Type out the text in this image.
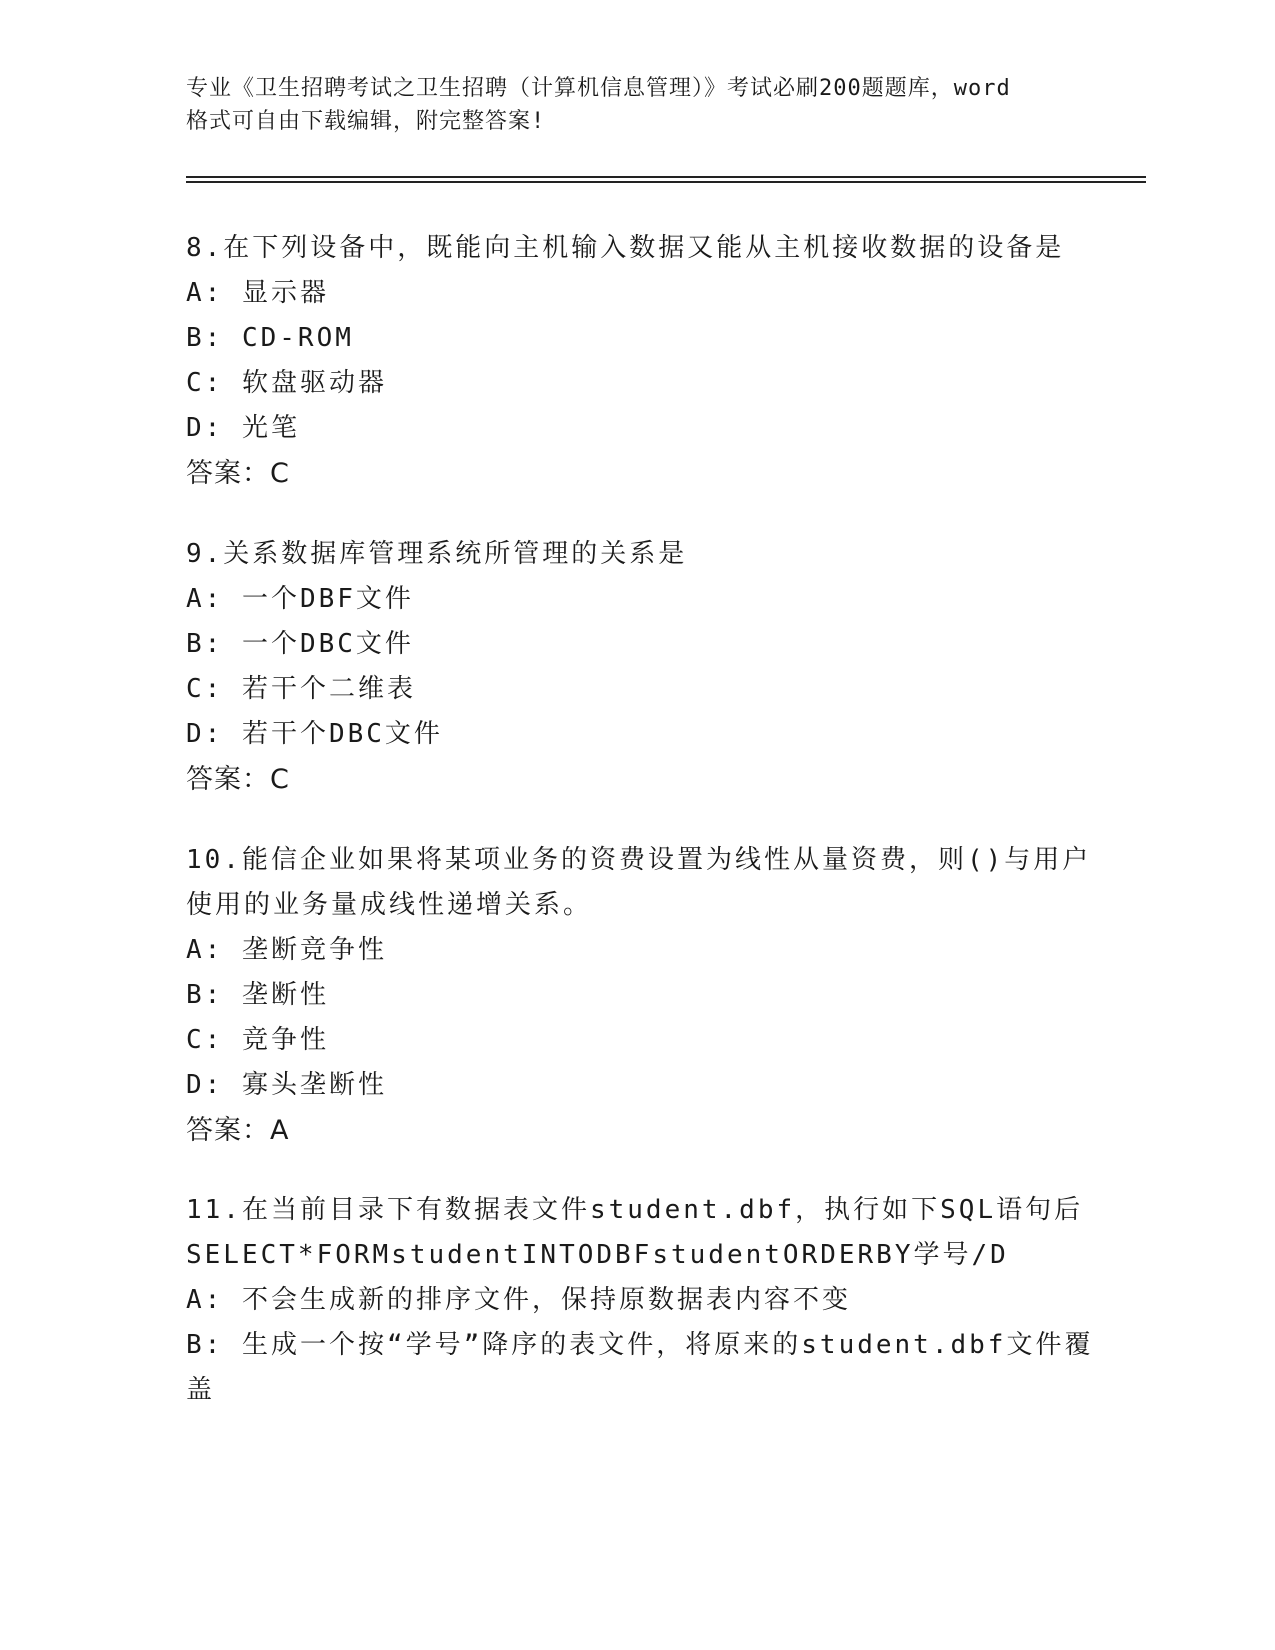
专业《卫生招聘考试之卫生招聘（计算机信息管理）》考试必刷200题题库，word
格式可自由下载编辑，附完整答案!
8.在下列设备中，既能向主机输入数据又能从主机接收数据的设备是
A: 显示器
B: CD-ROM
C: 软盘驱动器
D: 光笔
答案：C
9.关系数据库管理系统所管理的关系是
A: 一个DBF文件
B: 一个DBC文件
C: 若干个二维表
D: 若干个DBC文件
答案：C
10.能信企业如果将某项业务的资费设置为线性从量资费，则()与用户
使用的业务量成线性递增关系。
A: 垄断竞争性
B: 垄断性
C: 竞争性
D: 寡头垄断性
答案：A
11.在当前目录下有数据表文件student.dbf，执行如下SQL语句后
SELECT*FORMstudentINTODBFstudentORDERBY学号/D
A: 不会生成新的排序文件，保持原数据表内容不变
B: 生成一个按“学号”降序的表文件，将原来的student.dbf文件覆
盖
